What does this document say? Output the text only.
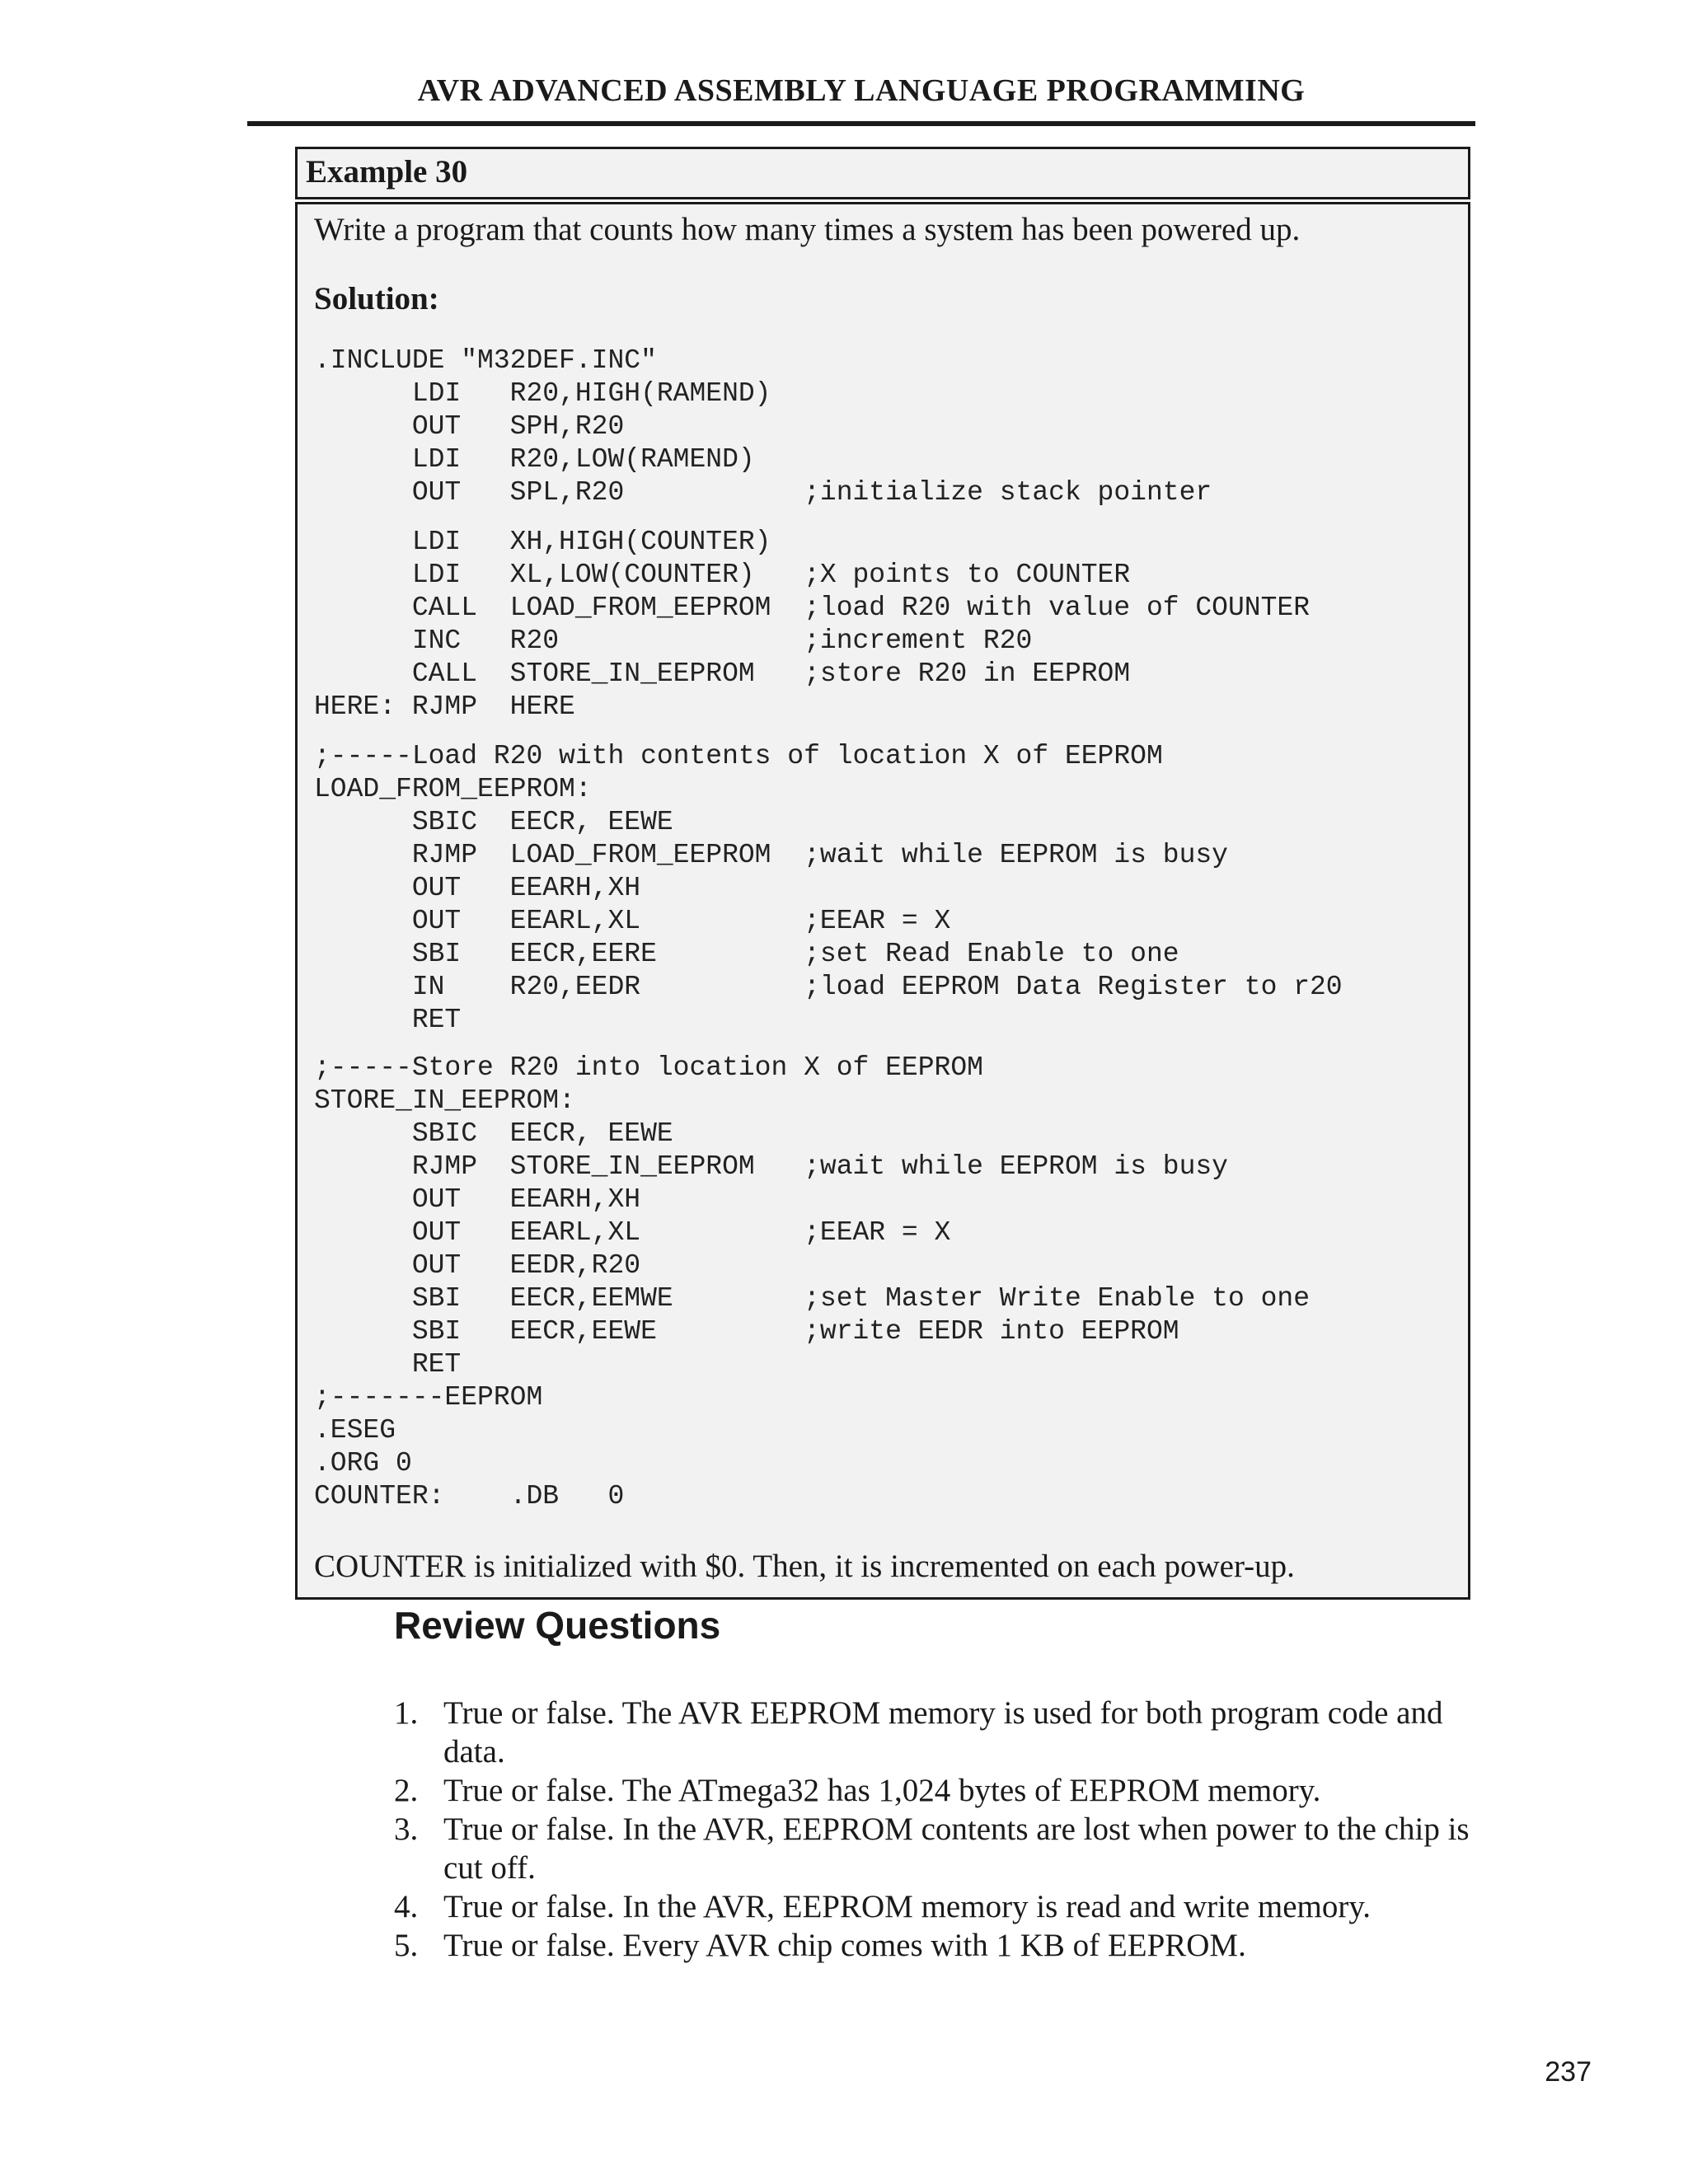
AVR ADVANCED ASSEMBLY LANGUAGE PROGRAMMING
Example 30
Write a program that counts how many times a system has been powered up.
Solution:
.INCLUDE "M32DEF.INC"
LDI   R20,HIGH(RAMEND)
OUT   SPH,R20
LDI   R20,LOW(RAMEND)
OUT   SPL,R20           ;initialize stack pointer
LDI   XH,HIGH(COUNTER)
LDI   XL,LOW(COUNTER)   ;X points to COUNTER
CALL  LOAD_FROM_EEPROM  ;load R20 with value of COUNTER
INC   R20               ;increment R20
CALL  STORE_IN_EEPROM   ;store R20 in EEPROM
HERE: RJMP  HERE
;-----Load R20 with contents of location X of EEPROM
LOAD_FROM_EEPROM:
SBIC  EECR, EEWE
RJMP  LOAD_FROM_EEPROM  ;wait while EEPROM is busy
OUT   EEARH,XH
OUT   EEARL,XL          ;EEAR = X
SBI   EECR,EERE         ;set Read Enable to one
IN    R20,EEDR          ;load EEPROM Data Register to r20
RET
;-----Store R20 into location X of EEPROM
STORE_IN_EEPROM:
SBIC  EECR, EEWE
RJMP  STORE_IN_EEPROM   ;wait while EEPROM is busy
OUT   EEARH,XH
OUT   EEARL,XL          ;EEAR = X
OUT   EEDR,R20
SBI   EECR,EEMWE        ;set Master Write Enable to one
SBI   EECR,EEWE         ;write EEDR into EEPROM
RET
;-------EEPROM
.ESEG
.ORG 0
COUNTER:    .DB   0
COUNTER is initialized with $0. Then, it is incremented on each power-up.
Review Questions
1. True or false. The AVR EEPROM memory is used for both program code and data.
2. True or false. The ATmega32 has 1,024 bytes of EEPROM memory.
3. True or false. In the AVR, EEPROM contents are lost when power to the chip is cut off.
4. True or false. In the AVR, EEPROM memory is read and write memory.
5. True or false. Every AVR chip comes with 1 KB of EEPROM.
237
